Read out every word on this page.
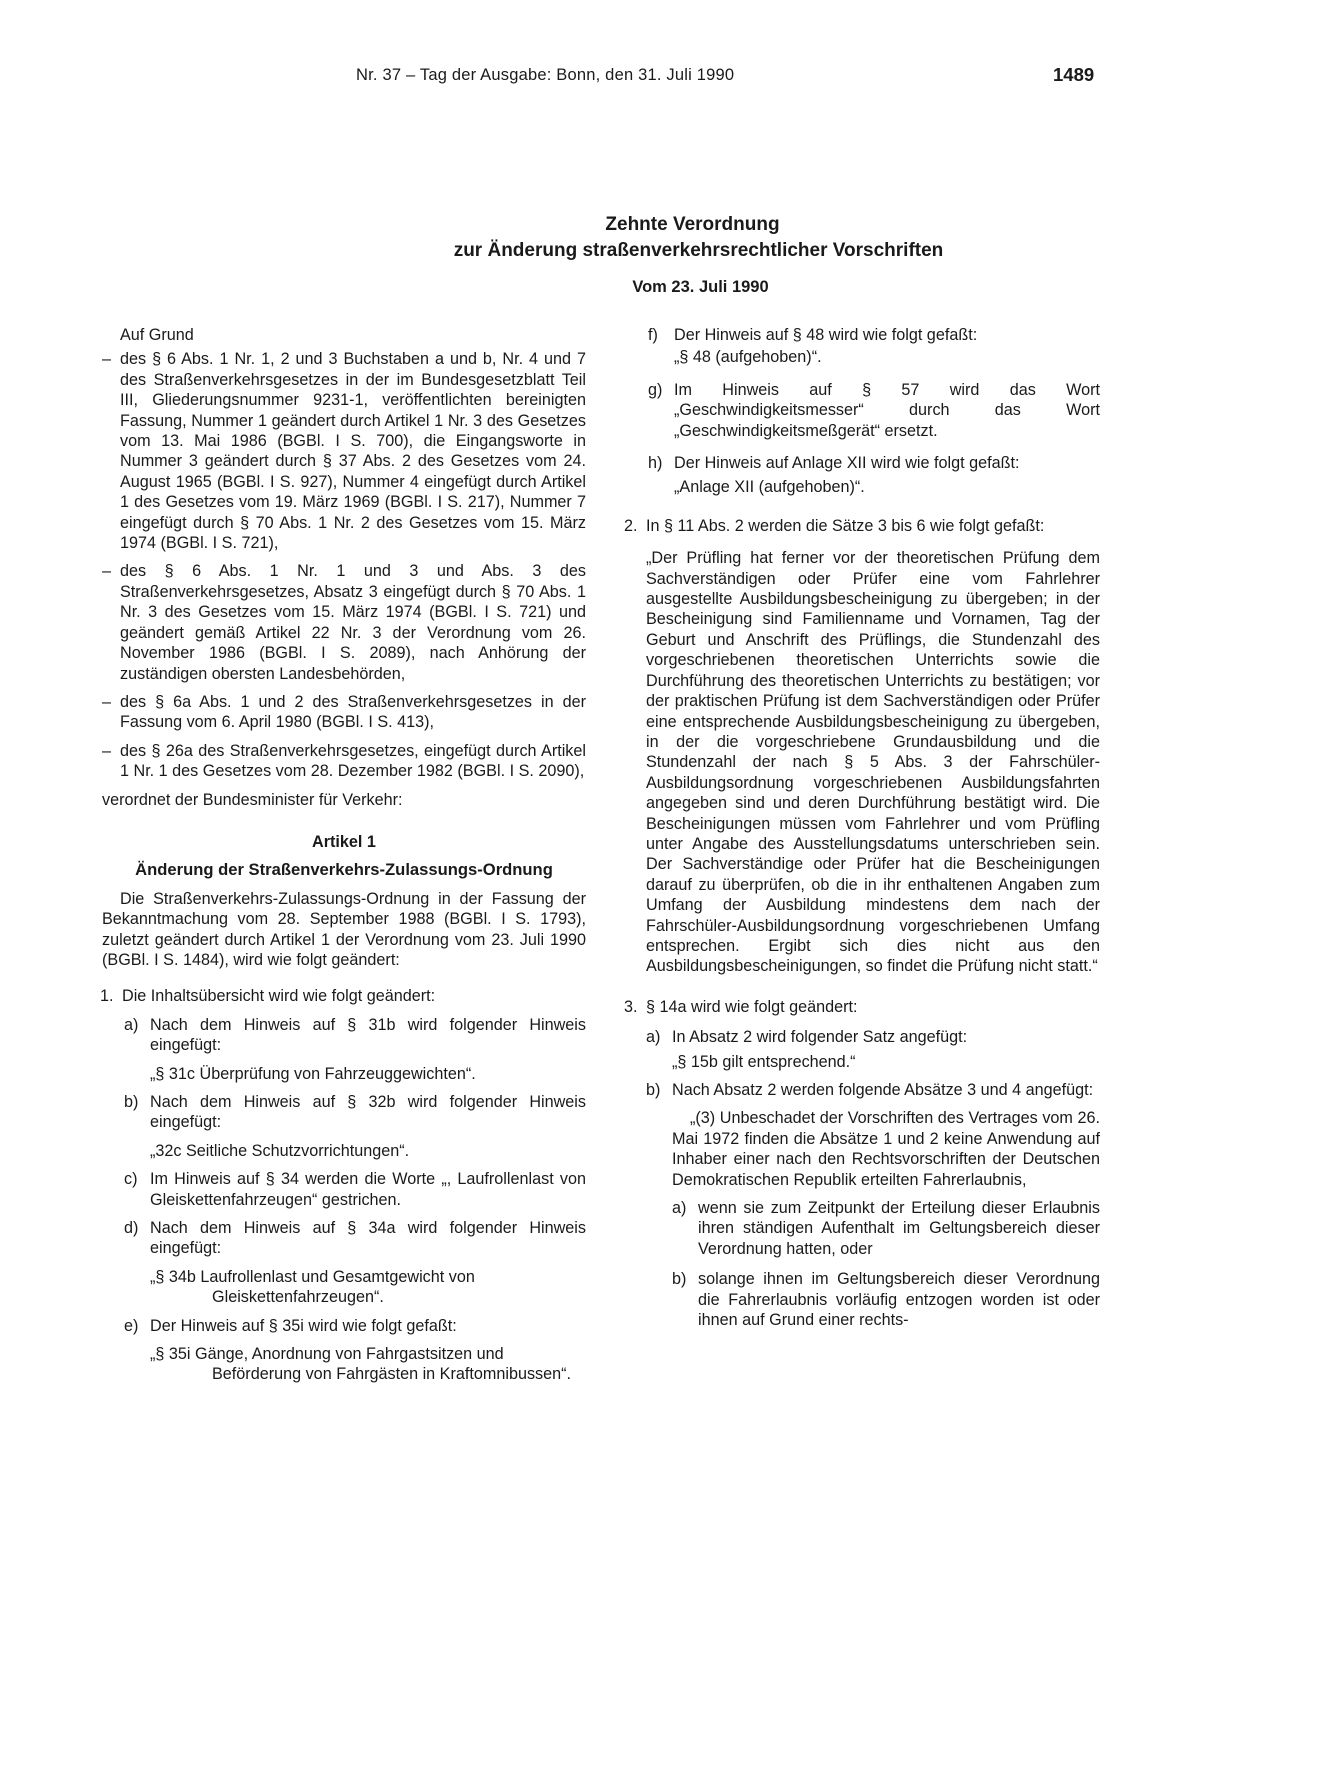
Nr. 37 – Tag der Ausgabe: Bonn, den 31. Juli 1990	1489
Zehnte Verordnung
zur Änderung straßenverkehrsrechtlicher Vorschriften
Vom 23. Juli 1990

Auf Grund

– des § 6 Abs. 1 Nr. 1, 2 und 3 Buchstaben a und b, Nr. 4 und 7 des Straßenverkehrsgesetzes in der im Bundesgesetzblatt Teil III, Gliederungsnummer 9231-1, veröffentlichten bereinigten Fassung, Nummer 1 geändert durch Artikel 1 Nr. 3 des Gesetzes vom 13. Mai 1986 (BGBl. I S. 700), die Eingangsworte in Nummer 3 geändert durch § 37 Abs. 2 des Gesetzes vom 24. August 1965 (BGBl. I S. 927), Nummer 4 eingefügt durch Artikel 1 des Gesetzes vom 19. März 1969 (BGBl. I S. 217), Nummer 7 eingefügt durch § 70 Abs. 1 Nr. 2 des Gesetzes vom 15. März 1974 (BGBl. I S. 721),
– des § 6 Abs. 1 Nr. 1 und 3 und Abs. 3 des Straßenverkehrsgesetzes, Absatz 3 eingefügt durch § 70 Abs. 1 Nr. 3 des Gesetzes vom 15. März 1974 (BGBl. I S. 721) und geändert gemäß Artikel 22 Nr. 3 der Verordnung vom 26. November 1986 (BGBl. I S. 2089), nach Anhörung der zuständigen obersten Landesbehörden,
– des § 6a Abs. 1 und 2 des Straßenverkehrsgesetzes in der Fassung vom 6. April 1980 (BGBl. I S. 413),
– des § 26a des Straßenverkehrsgesetzes, eingefügt durch Artikel 1 Nr. 1 des Gesetzes vom 28. Dezember 1982 (BGBl. I S. 2090),

verordnet der Bundesminister für Verkehr:

Artikel 1
Änderung der Straßenverkehrs-Zulassungs-Ordnung

Die Straßenverkehrs-Zulassungs-Ordnung in der Fassung der Bekanntmachung vom 28. September 1988 (BGBl. I S. 1793), zuletzt geändert durch Artikel 1 der Verordnung vom 23. Juli 1990 (BGBl. I S. 1484), wird wie folgt geändert:

1. Die Inhaltsübersicht wird wie folgt geändert:
a) Nach dem Hinweis auf § 31b wird folgender Hinweis eingefügt:
„§ 31c Überprüfung von Fahrzeuggewichten“.
b) Nach dem Hinweis auf § 32b wird folgender Hinweis eingefügt:
„32c Seitliche Schutzvorrichtungen“.
c) Im Hinweis auf § 34 werden die Worte „, Laufrollenlast von Gleiskettenfahrzeugen“ gestrichen.
d) Nach dem Hinweis auf § 34a wird folgender Hinweis eingefügt:
„§ 34b Laufrollenlast und Gesamtgewicht von Gleiskettenfahrzeugen“.
e) Der Hinweis auf § 35i wird wie folgt gefaßt:
„§ 35i Gänge, Anordnung von Fahrgastsitzen und Beförderung von Fahrgästen in Kraftomnibussen“.
f) Der Hinweis auf § 48 wird wie folgt gefaßt:
„§ 48 (aufgehoben)“.
g) Im Hinweis auf § 57 wird das Wort „Geschwindigkeitsmesser“ durch das Wort „Geschwindigkeitsmeßgerät“ ersetzt.
h) Der Hinweis auf Anlage XII wird wie folgt gefaßt:
„Anlage XII (aufgehoben)“.
2. In § 11 Abs. 2 werden die Sätze 3 bis 6 wie folgt gefaßt:
„Der Prüfling hat ferner vor der theoretischen Prüfung dem Sachverständigen oder Prüfer eine vom Fahrlehrer ausgestellte Ausbildungsbescheinigung zu übergeben; in der Bescheinigung sind Familienname und Vornamen, Tag der Geburt und Anschrift des Prüflings, die Stundenzahl des vorgeschriebenen theoretischen Unterrichts sowie die Durchführung des theoretischen Unterrichts zu bestätigen; vor der praktischen Prüfung ist dem Sachverständigen oder Prüfer eine entsprechende Ausbildungsbescheinigung zu übergeben, in der die vorgeschriebene Grundausbildung und die Stundenzahl der nach § 5 Abs. 3 der Fahrschüler-Ausbildungsordnung vorgeschriebenen Ausbildungsfahrten angegeben sind und deren Durchführung bestätigt wird. Die Bescheinigungen müssen vom Fahrlehrer und vom Prüfling unter Angabe des Ausstellungsdatums unterschrieben sein. Der Sachverständige oder Prüfer hat die Bescheinigungen darauf zu überprüfen, ob die in ihr enthaltenen Angaben zum Umfang der Ausbildung mindestens dem nach der Fahrschüler-Ausbildungsordnung vorgeschriebenen Umfang entsprechen. Ergibt sich dies nicht aus den Ausbildungsbescheinigungen, so findet die Prüfung nicht statt.“
3. § 14a wird wie folgt geändert:
a) In Absatz 2 wird folgender Satz angefügt:
„§ 15b gilt entsprechend.“
b) Nach Absatz 2 werden folgende Absätze 3 und 4 angefügt:
„(3) Unbeschadet der Vorschriften des Vertrages vom 26. Mai 1972 finden die Absätze 1 und 2 keine Anwendung auf Inhaber einer nach den Rechtsvorschriften der Deutschen Demokratischen Republik erteilten Fahrerlaubnis,
a) wenn sie zum Zeitpunkt der Erteilung dieser Erlaubnis ihren ständigen Aufenthalt im Geltungsbereich dieser Verordnung hatten, oder
b) solange ihnen im Geltungsbereich dieser Verordnung die Fahrerlaubnis vorläufig entzogen worden ist oder ihnen auf Grund einer rechts-
